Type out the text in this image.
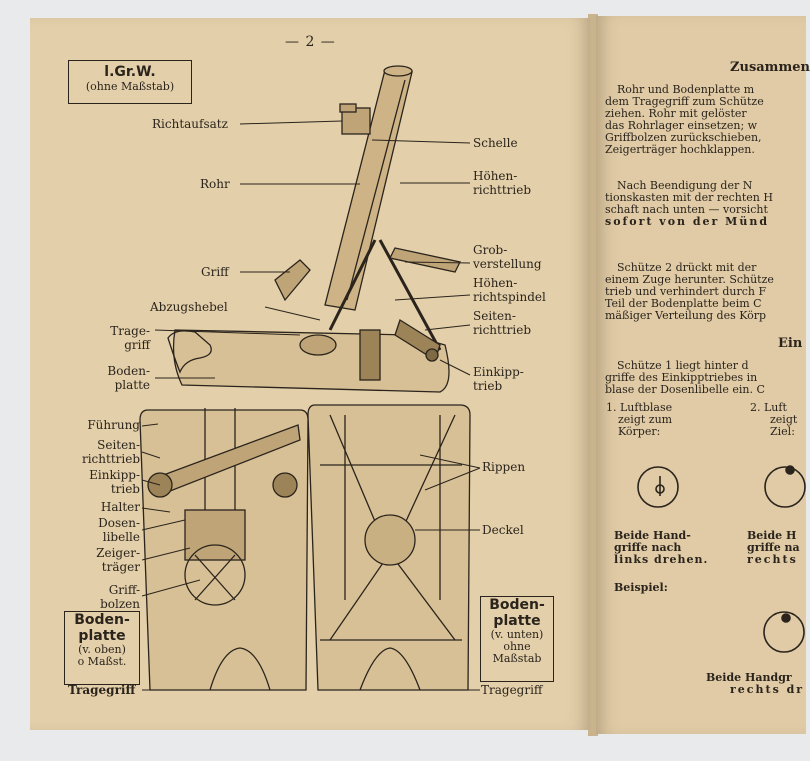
— 2 —
l.Gr.W.
(ohne Maßstab)
Richtaufsatz
Rohr
Griff
Abzugshebel
Trage-
griff
Boden-
platte
Schelle
Höhen-
richttrieb
Grob-
verstellung
Höhen-
richtspindel
Seiten-
richttrieb
Einkipp-
trieb
Führung
Seiten-
richttrieb
Einkipp-
trieb
Halter
Dosen-
libelle
Zeiger-
träger
Griff-
bolzen
Rippen
Deckel
Boden-
platte
(v. oben)
o Maßst.
Tragegriff
Boden-
platte
(v. unten)
ohne
Maßstab
Tragegriff
Zusammen
Rohr und Bodenplatte m
dem Tragegriff zum Schütze
ziehen. Rohr mit gelöster
das Rohrlager einsetzen; w
Griffbolzen zurückschieben,
Zeigerträger hochklappen.
Nach Beendigung der N
tionskasten mit der rechten H
schaft nach unten — vorsicht
sofort von der Münd
Schütze 2 drückt mit der
einem Zuge herunter. Schütze
trieb und verhindert durch F
Teil der Bodenplatte beim C
mäßiger Verteilung des Körp
Ein
Schütze 1 liegt hinter d
griffe des Einkipptriebes in
blase der Dosenlibelle ein. C
1. Luftblase
zeigt zum
Körper:
2. Luft
zeigt
Ziel:
Beide Hand-
griffe nach
links drehen.
Beide H
griffe na
rechts
Beispiel:
Beide Handgr
rechts dr
